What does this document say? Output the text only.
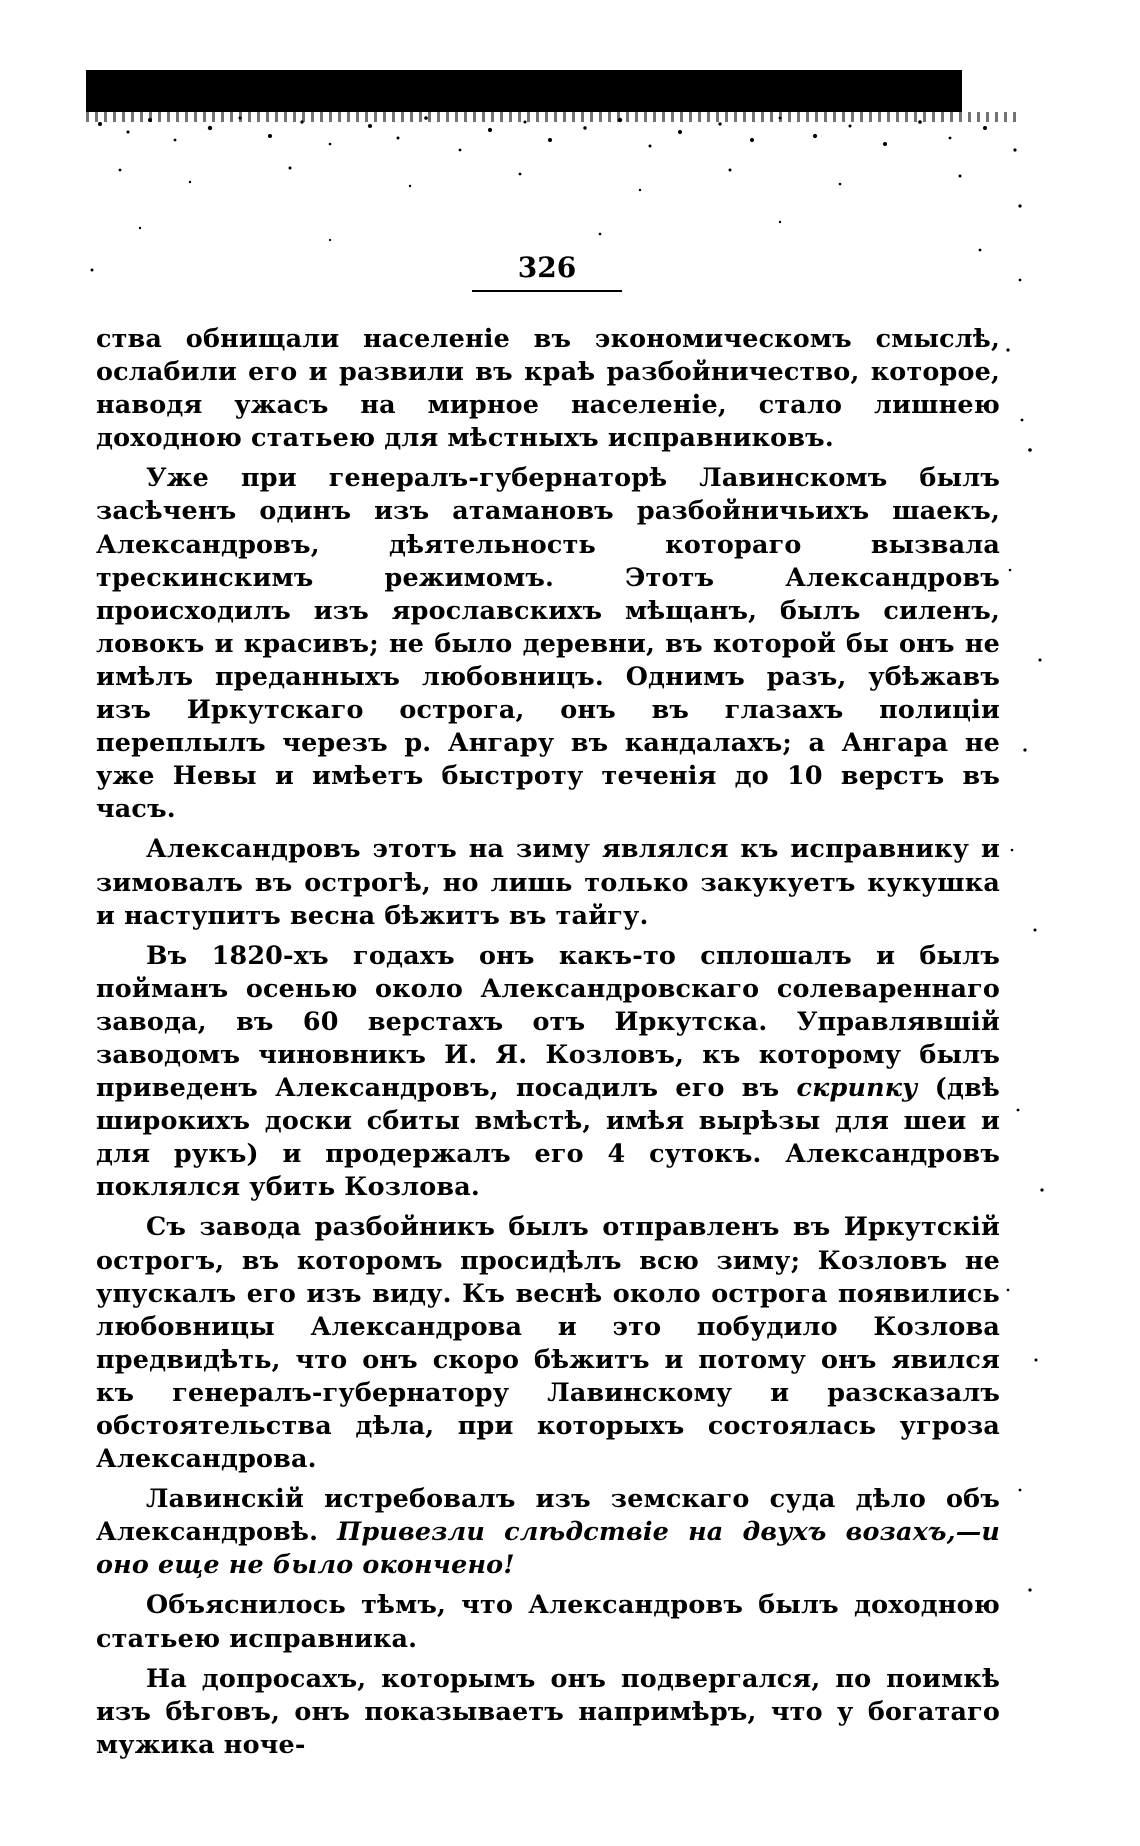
326

ства обнищали населеніе въ экономическомъ смыслѣ, ослабили его и развили въ краѣ разбойничество, которое, наводя ужасъ на мирное населеніе, стало лишнею доходною статьею для мѣстныхъ исправниковъ.

Уже при генералъ-губернаторѣ Лавинскомъ былъ засѣченъ одинъ изъ атамановъ разбойничьихъ шаекъ, Александровъ, дѣятельность котораго вызвала трескинскимъ режимомъ. Этотъ Александровъ происходилъ изъ ярославскихъ мѣщанъ, былъ силенъ, ловокъ и красивъ; не было деревни, въ которой бы онъ не имѣлъ преданныхъ любовницъ. Однимъ разъ, убѣжавъ изъ Иркутскаго острога, онъ въ глазахъ полиціи переплылъ черезъ р. Ангару въ кандалахъ; а Ангара не уже Невы и имѣетъ быстроту теченія до 10 верстъ въ часъ.

Александровъ этотъ на зиму являлся къ исправнику и зимовалъ въ острогѣ, но лишь только закукуетъ кукушка и наступитъ весна бѣжитъ въ тайгу.

Въ 1820-хъ годахъ онъ какъ-то сплошалъ и былъ пойманъ осенью около Александровскаго солевареннаго завода, въ 60 верстахъ отъ Иркутска. Управлявшій заводомъ чиновникъ И. Я. Козловъ, къ которому былъ приведенъ Александровъ, посадилъ его въ скрипку (двѣ широкихъ доски сбиты вмѣстѣ, имѣя вырѣзы для шеи и для рукъ) и продержалъ его 4 сутокъ. Александровъ поклялся убить Козлова.

Съ завода разбойникъ былъ отправленъ въ Иркутскій острогъ, въ которомъ просидѣлъ всю зиму; Козловъ не упускалъ его изъ виду. Къ веснѣ около острога появились любовницы Александрова и это побудило Козлова предвидѣть, что онъ скоро бѣжитъ и потому онъ явился къ генералъ-губернатору Лавинскому и разсказалъ обстоятельства дѣла, при которыхъ состоялась угроза Александрова.

Лавинскій истребовалъ изъ земскаго суда дѣло объ Александровѣ. Привезли слѣдствіе на двухъ возахъ,—и оно еще не было окончено!

Объяснилось тѣмъ, что Александровъ былъ доходною статьею исправника.

На допросахъ, которымъ онъ подвергался, по поимкѣ изъ бѣговъ, онъ показываетъ напримѣръ, что у богатаго мужика ноче-
